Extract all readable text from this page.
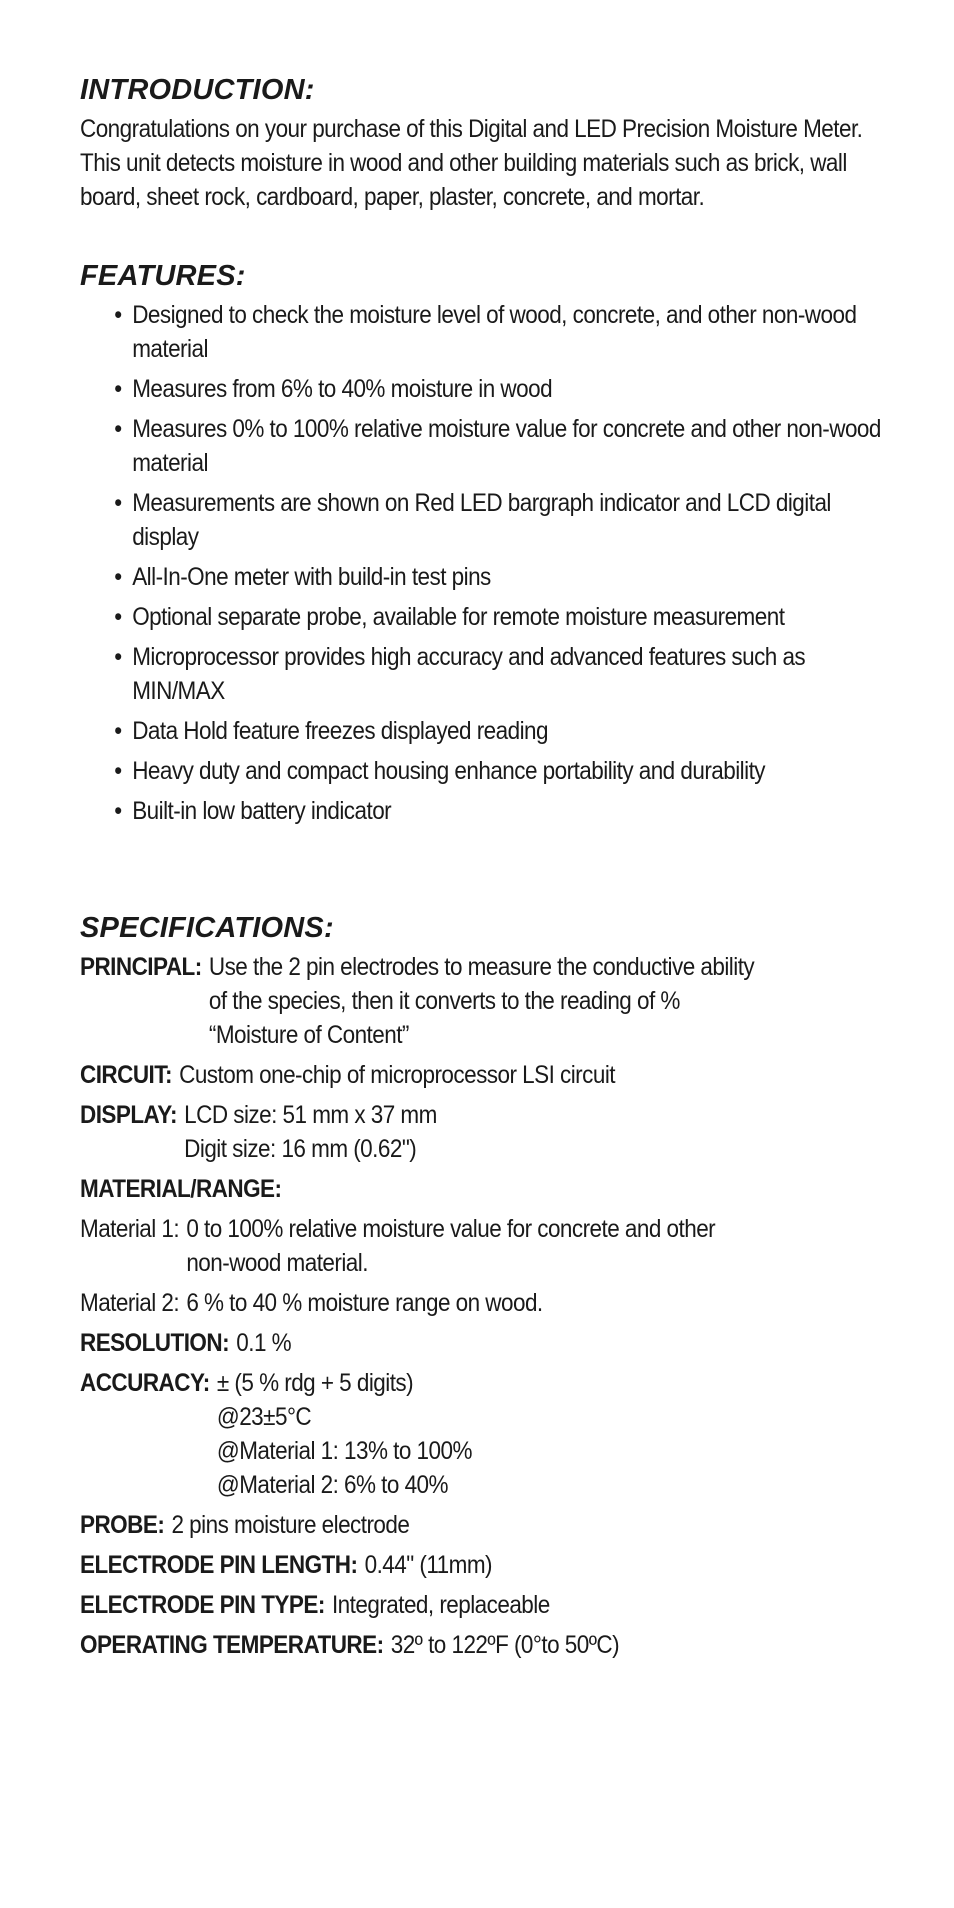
INTRODUCTION:

Congratulations on your purchase of this Digital and LED Precision Moisture Meter. This unit detects moisture in wood and other building materials such as brick, wall board, sheet rock, cardboard, paper, plaster, concrete, and mortar.

FEATURES:
• Designed to check the moisture level of wood, concrete, and other non-wood material
• Measures from 6% to 40% moisture in wood
• Measures 0% to 100% relative moisture value for concrete and other non-wood material
• Measurements are shown on Red LED bargraph indicator and LCD digital display
• All-In-One meter with build-in test pins
• Optional separate probe, available for remote moisture measurement
• Microprocessor provides high accuracy and advanced features such as MIN/MAX
• Data Hold feature freezes displayed reading
• Heavy duty and compact housing enhance portability and durability
• Built-in low battery indicator
SPECIFICATIONS:
PRINCIPAL: Use the 2 pin electrodes to measure the conductive ability
of the species, then it converts to the reading of %
“Moisture of Content”
CIRCUIT: Custom one-chip of microprocessor LSI circuit
DISPLAY: LCD size: 51 mm x 37 mm
Digit size: 16 mm (0.62")
MATERIAL/RANGE:
Material 1: 0 to 100% relative moisture value for concrete and other
non-wood material.
Material 2: 6 % to 40 % moisture range on wood.
RESOLUTION: 0.1 %
ACCURACY: ± (5 % rdg + 5 digits)
@23±5°C
@Material 1: 13% to 100%
@Material 2: 6% to 40%
PROBE: 2 pins moisture electrode
ELECTRODE PIN LENGTH: 0.44" (11mm)
ELECTRODE PIN TYPE: Integrated, replaceable
OPERATING TEMPERATURE: 32º to 122ºF (0°to 50ºC)
